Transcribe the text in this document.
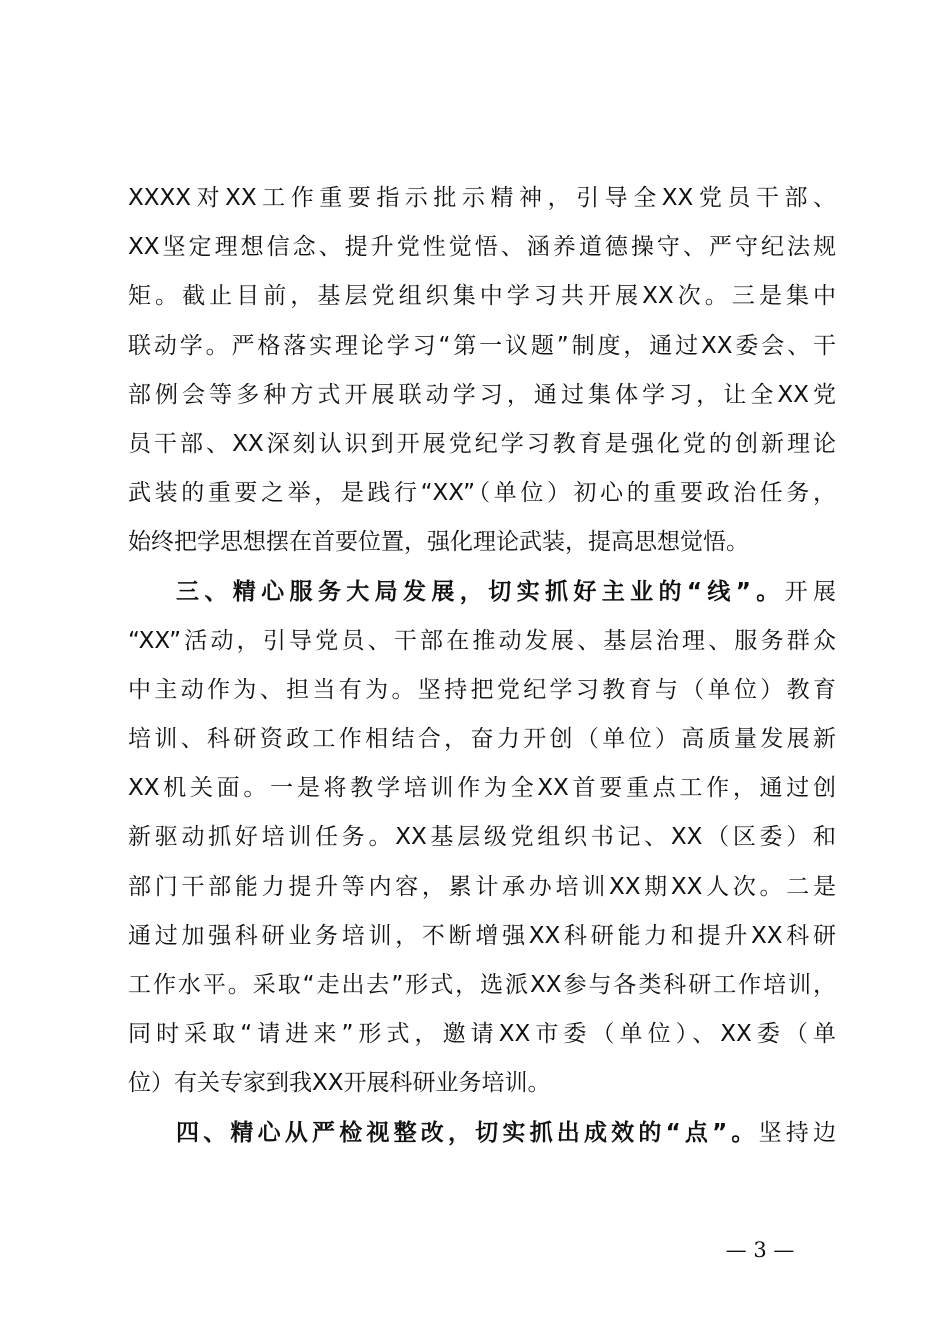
XXXX对XX工作重要指示批示精神，引导全XX党员干部、
XX坚定理想信念、提升党性觉悟、涵养道德操守、严守纪法规
矩。截止目前，基层党组织集中学习共开展XX次。三是集中
联动学。严格落实理论学习“第一议题”制度，通过XX委会、干
部例会等多种方式开展联动学习，通过集体学习，让全XX党
员干部、XX深刻认识到开展党纪学习教育是强化党的创新理论
武装的重要之举，是践行“XX”（单位）初心的重要政治任务，
始终把学思想摆在首要位置，强化理论武装，提高思想觉悟。
三、精心服务大局发展，切实抓好主业的“线”。开展
“XX”活动，引导党员、干部在推动发展、基层治理、服务群众
中主动作为、担当有为。坚持把党纪学习教育与（单位）教育
培训、科研资政工作相结合，奋力开创（单位）高质量发展新
XX机关面。一是将教学培训作为全XX首要重点工作，通过创
新驱动抓好培训任务。XX基层级党组织书记、XX（区委）和
部门干部能力提升等内容，累计承办培训XX期XX人次。二是
通过加强科研业务培训，不断增强XX科研能力和提升XX科研
工作水平。采取“走出去”形式，选派XX参与各类科研工作培训，
同时采取“请进来”形式，邀请XX市委（单位）、XX委（单
位）有关专家到我XX开展科研业务培训。
四、精心从严检视整改，切实抓出成效的“点”。坚持边
— 3 —
